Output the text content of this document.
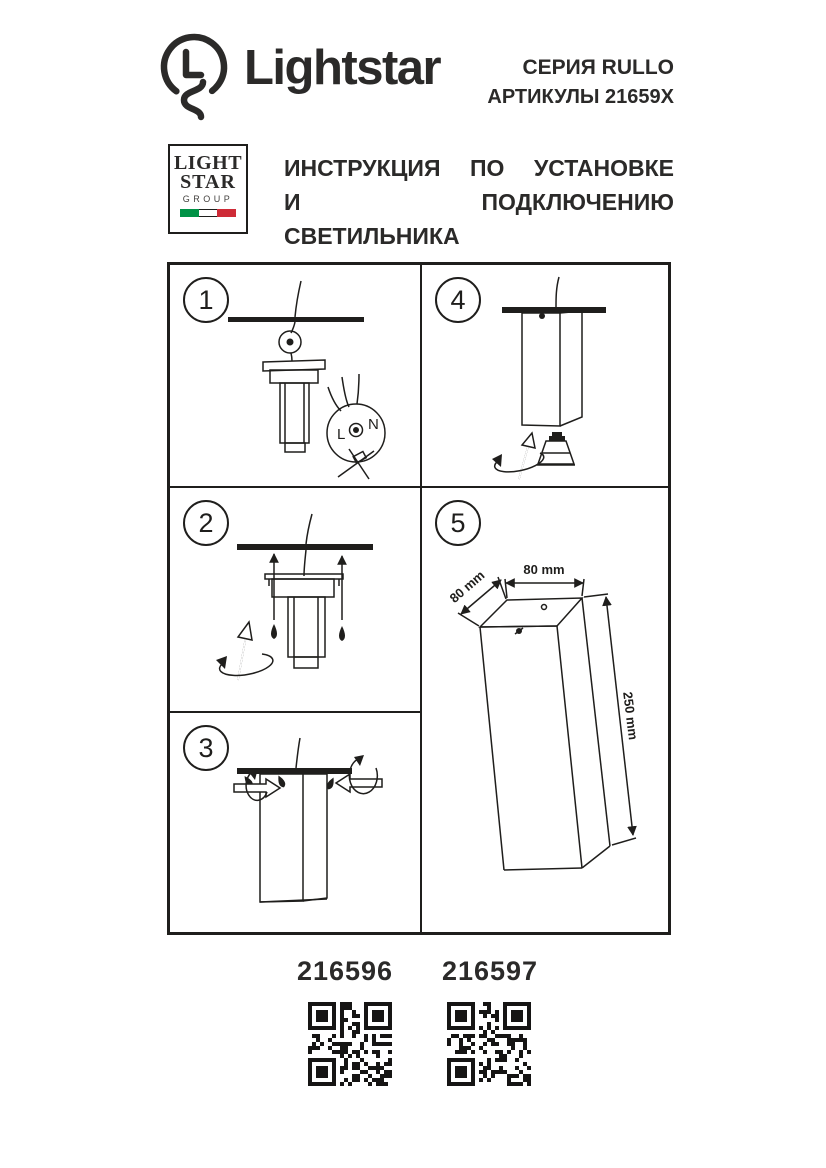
Lightstar	СЕРИЯ RULLO
АРТИКУЛЫ 21659X
LIGHT
STAR
GROUP
ИНСТРУКЦИЯ ПО УСТАНОВКЕ
И ПОДКЛЮЧЕНИЮ СВЕТИЛЬНИКА
L
N
1	4
2
3
80 mm
80 mm
250 mm
5
216596	216597
